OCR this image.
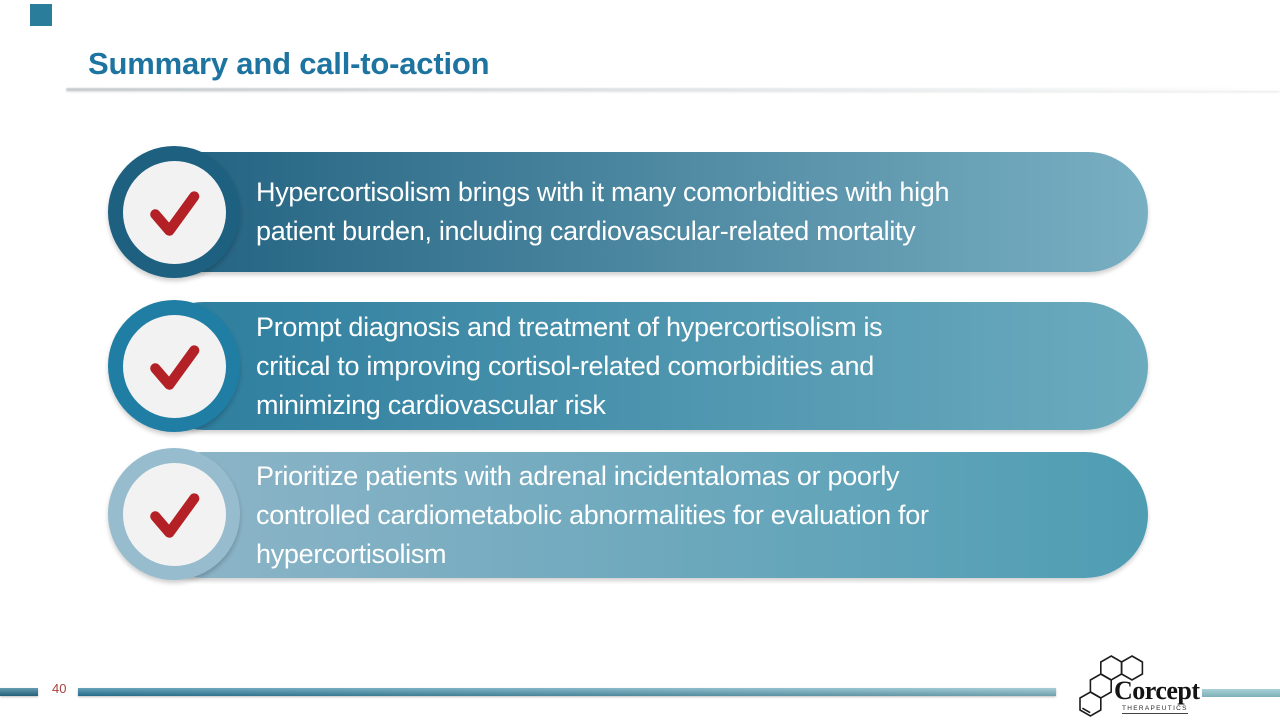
Summary and call-to-action
Hypercortisolism brings with it many comorbidities with high
patient burden, including cardiovascular-related mortality
Prompt diagnosis and treatment of hypercortisolism is
critical to improving cortisol-related comorbidities and
minimizing cardiovascular risk
Prioritize patients with adrenal incidentalomas or poorly
controlled cardiometabolic abnormalities for evaluation for
hypercortisolism
40	Corcept
THERAPEUTICS
